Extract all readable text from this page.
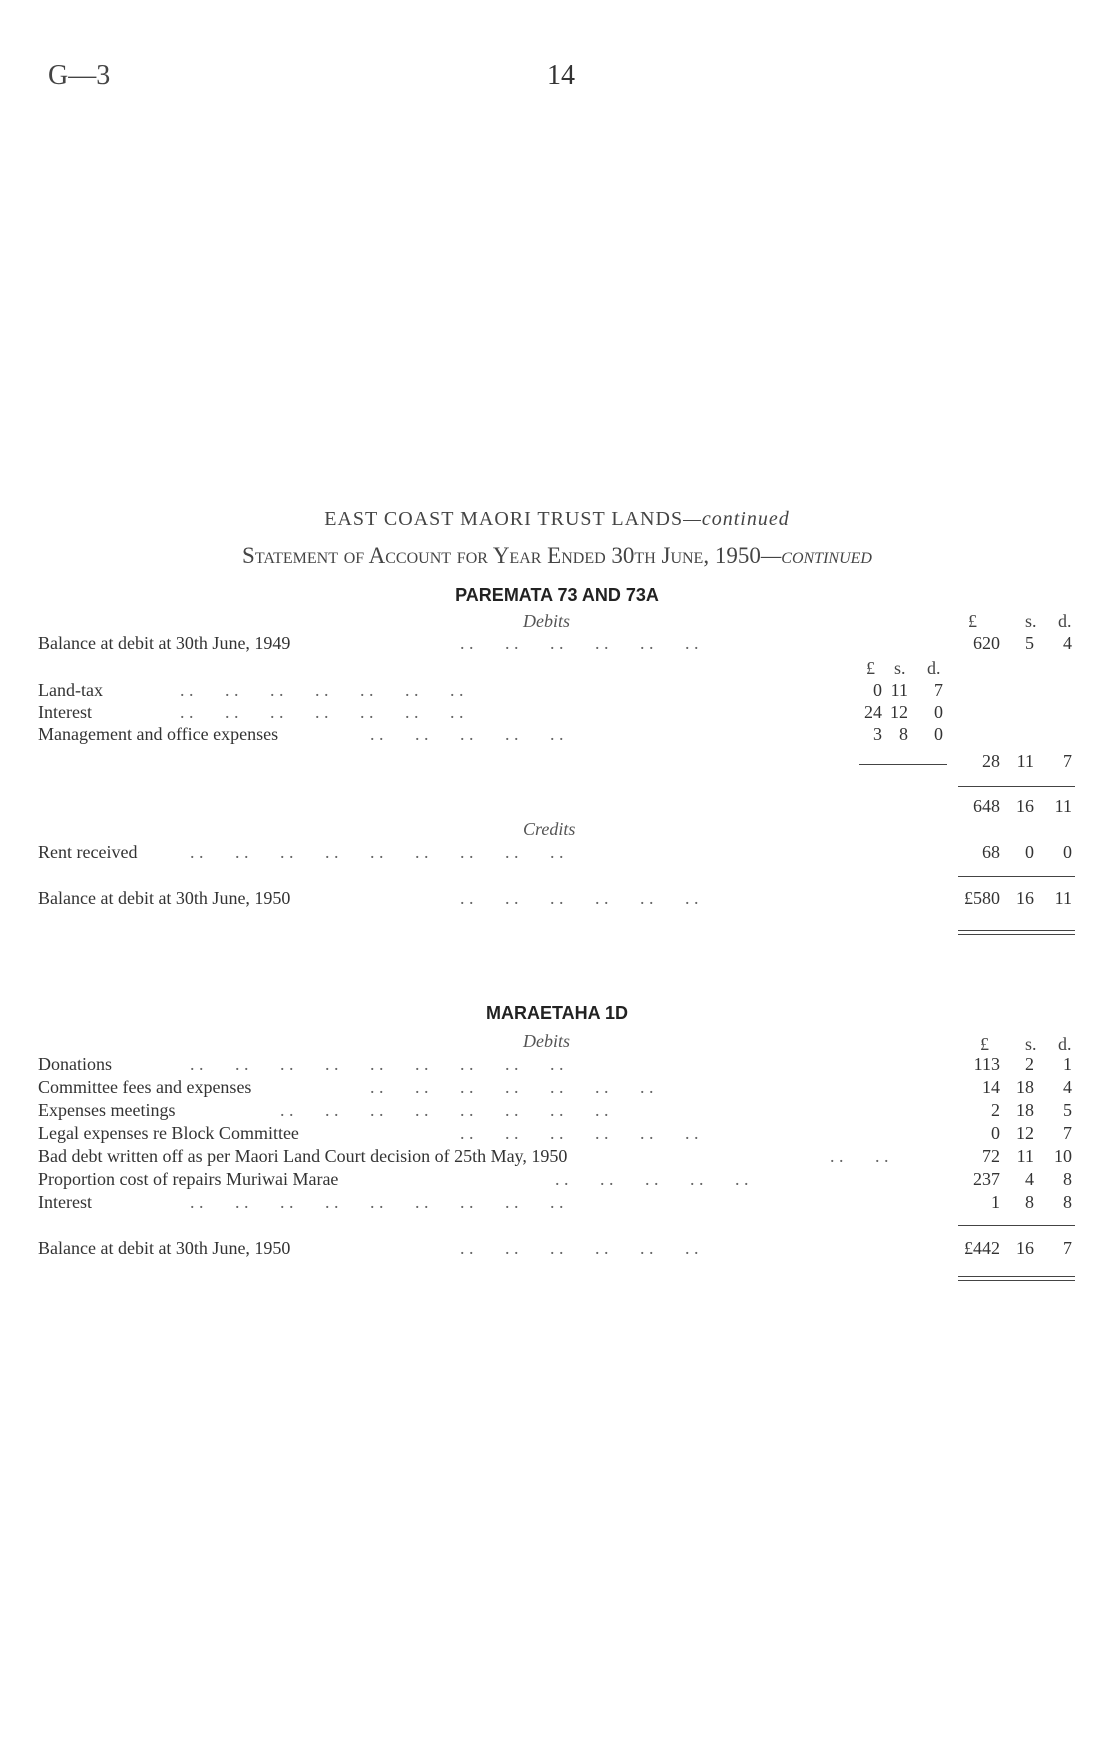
G—3	14
EAST COAST MAORI TRUST LANDS—continued
Statement of Account for Year Ended 30th June, 1950—continued
PAREMATA 73 AND 73A
Debits	£	s. d.
Balance at debit at 30th June, 1949	. .       . .       . .       . .       . .       . .	620 5 4
£ s. d.
Land-tax	. .       . .       . .       . .       . .       . .       . .	0 11 7
Interest	. .       . .       . .       . .       . .       . .       . .	24 12 0
Management and office expenses	. .       . .       . .       . .       . .	3 8 0
28 11 7
648 16 11
Credits
Rent received	. .       . .       . .       . .       . .       . .       . .       . .       . .	68 0 0
Balance at debit at 30th June, 1950	. .       . .       . .       . .       . .       . .	£580 16 11
MARAETAHA 1D
Debits	£ s. d.
Donations	. .       . .       . .       . .       . .       . .       . .       . .       . .	113 2 1
Committee fees and expenses	. .       . .       . .       . .       . .       . .       . .	14 18 4
Expenses meetings	. .       . .       . .       . .       . .       . .       . .       . .	2 18 5
Legal expenses re Block Committee	. .       . .       . .       . .       . .       . .	0 12 7
Bad debt written off as per Maori Land Court decision of 25th May, 1950	. .       . .	72 11 10
Proportion cost of repairs Muriwai Marae	. .       . .       . .       . .       . .	237 4 8
Interest	. .       . .       . .       . .       . .       . .       . .       . .       . .	1 8 8
Balance at debit at 30th June, 1950	. .       . .       . .       . .       . .       . .	£442 16 7
